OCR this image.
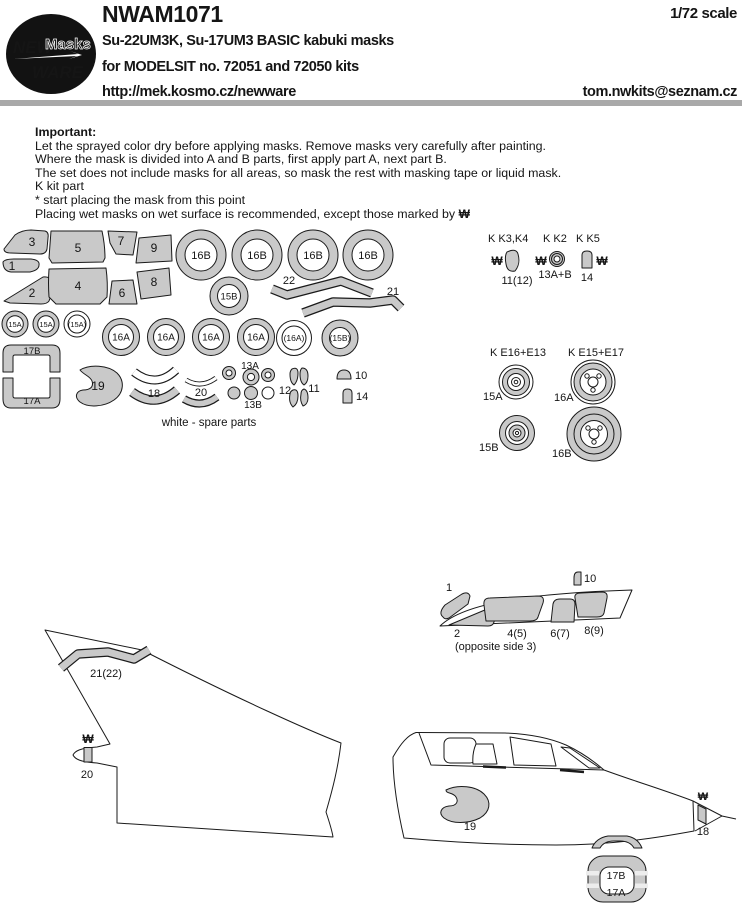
NEW
Masks
WARE
NWAM1071	1/72 scale
Su-22UM3K, Su-17UM3 BASIC kabuki masks
for MODELSIT no. 72051 and 72050 kits
http://mek.kosmo.cz/newware	tom.nwkits@seznam.cz

Important:

Let the sprayed color dry before applying masks. Remove masks very carefully after painting.

Where the mask is divided into A and B parts, first apply part A, next part B.

The set does not include masks for all areas, so mask the rest with masking tape or liquid mask.

K kit part

* start placing the mask from this point

Placing wet masks on wet surface is recommended, except those marked by ₩

3	5	7 9
1
2	4	6
8
16B	16B	16B	16B
15B
22
21
15A 15A (15A)
16A	16A	16A	16A (16A)	(15B)
17B
17A
19
18	20
13A
13B
12 11
10
14
white - spare parts
K K3,K4 K K2 K K5
₩
11(12)
₩
13A+B
₩
14
K E16+E13 K E15+E17
15A	16A
15B	16B
21(22)
₩
20
10
1
2	4(5) 6(7) 8(9)
(opposite side 3)
19
₩
18
17B
17A
